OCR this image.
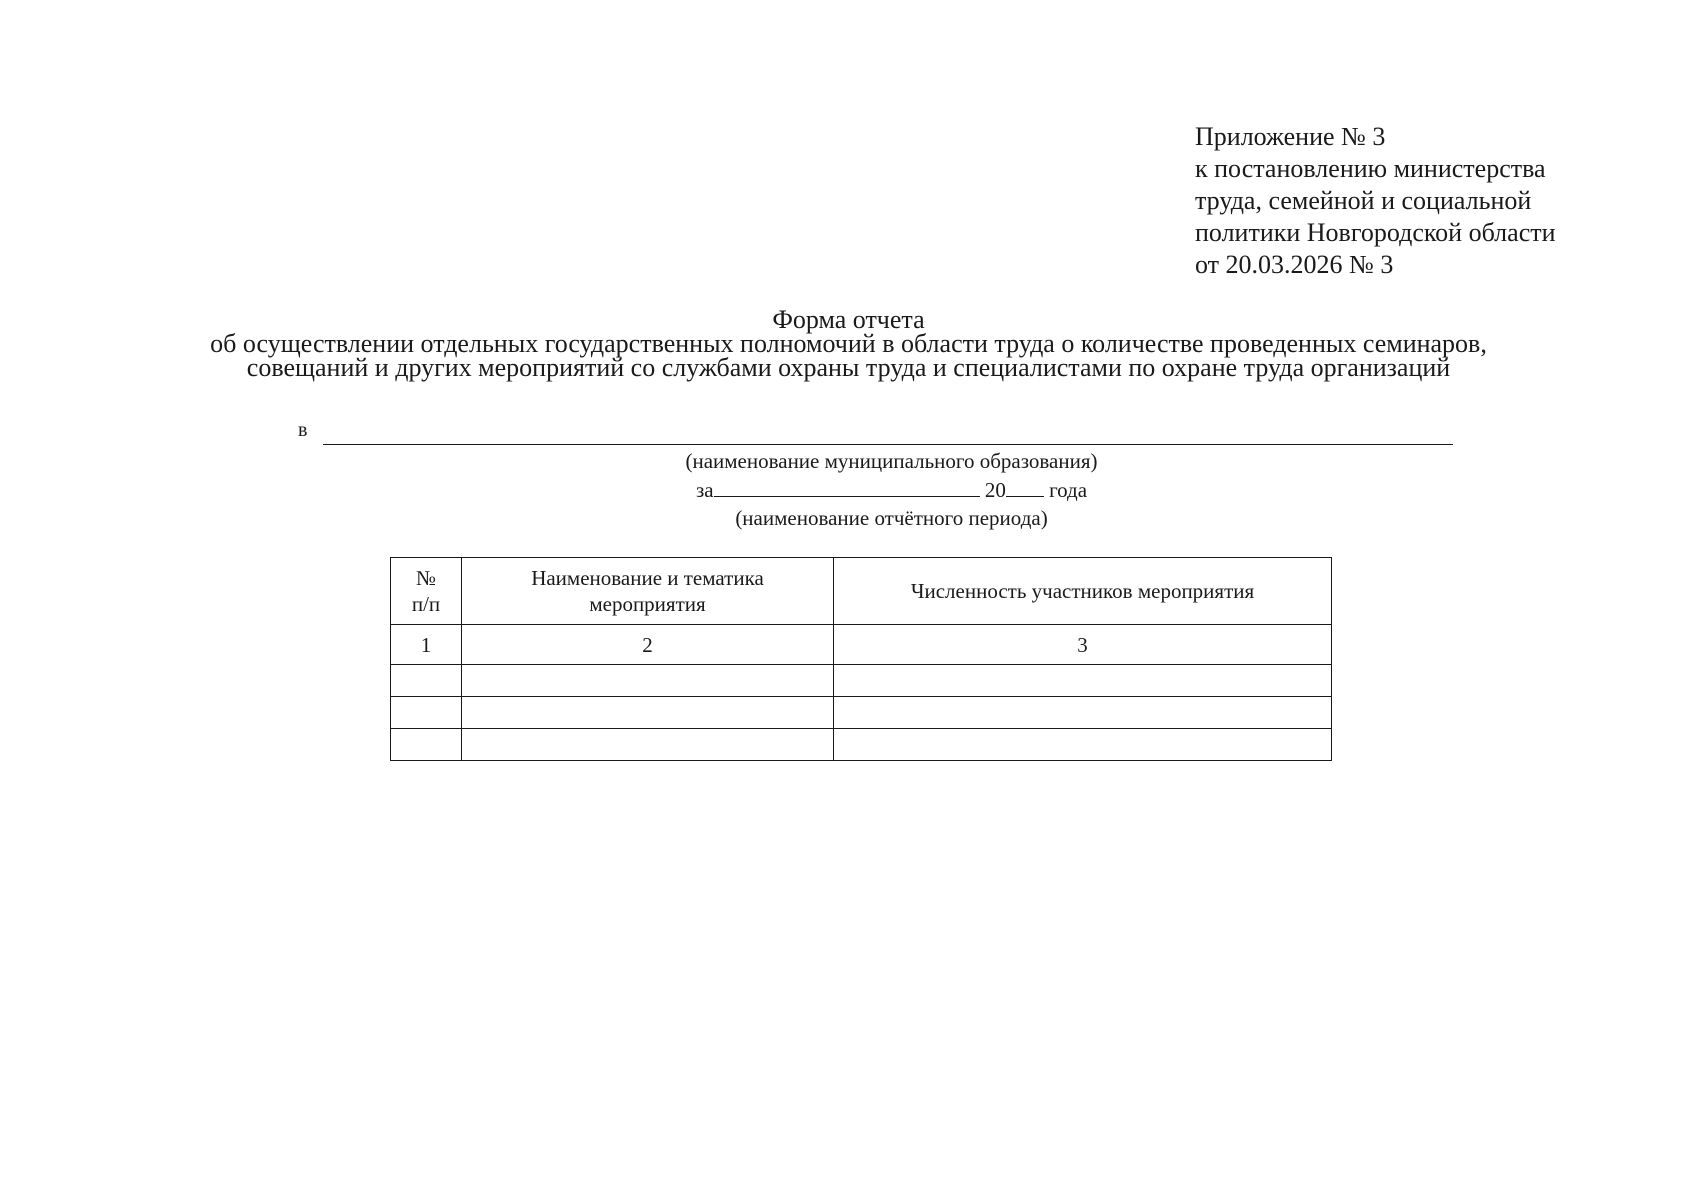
Приложение № 3
к постановлению министерства
труда, семейной и социальной
политики Новгородской области
от 20.03.2026 № 3
Форма отчета
об осуществлении отдельных государственных полномочий в области труда о количестве проведенных семинаров,
совещаний и других мероприятий со службами охраны труда и специалистами по охране труда организаций
в
(наименование муниципального образования)
за	20 года
(наименование отчётного периода)
№ п/п	Наименование и тематика мероприятия	Численность участников мероприятия

1	2	3
